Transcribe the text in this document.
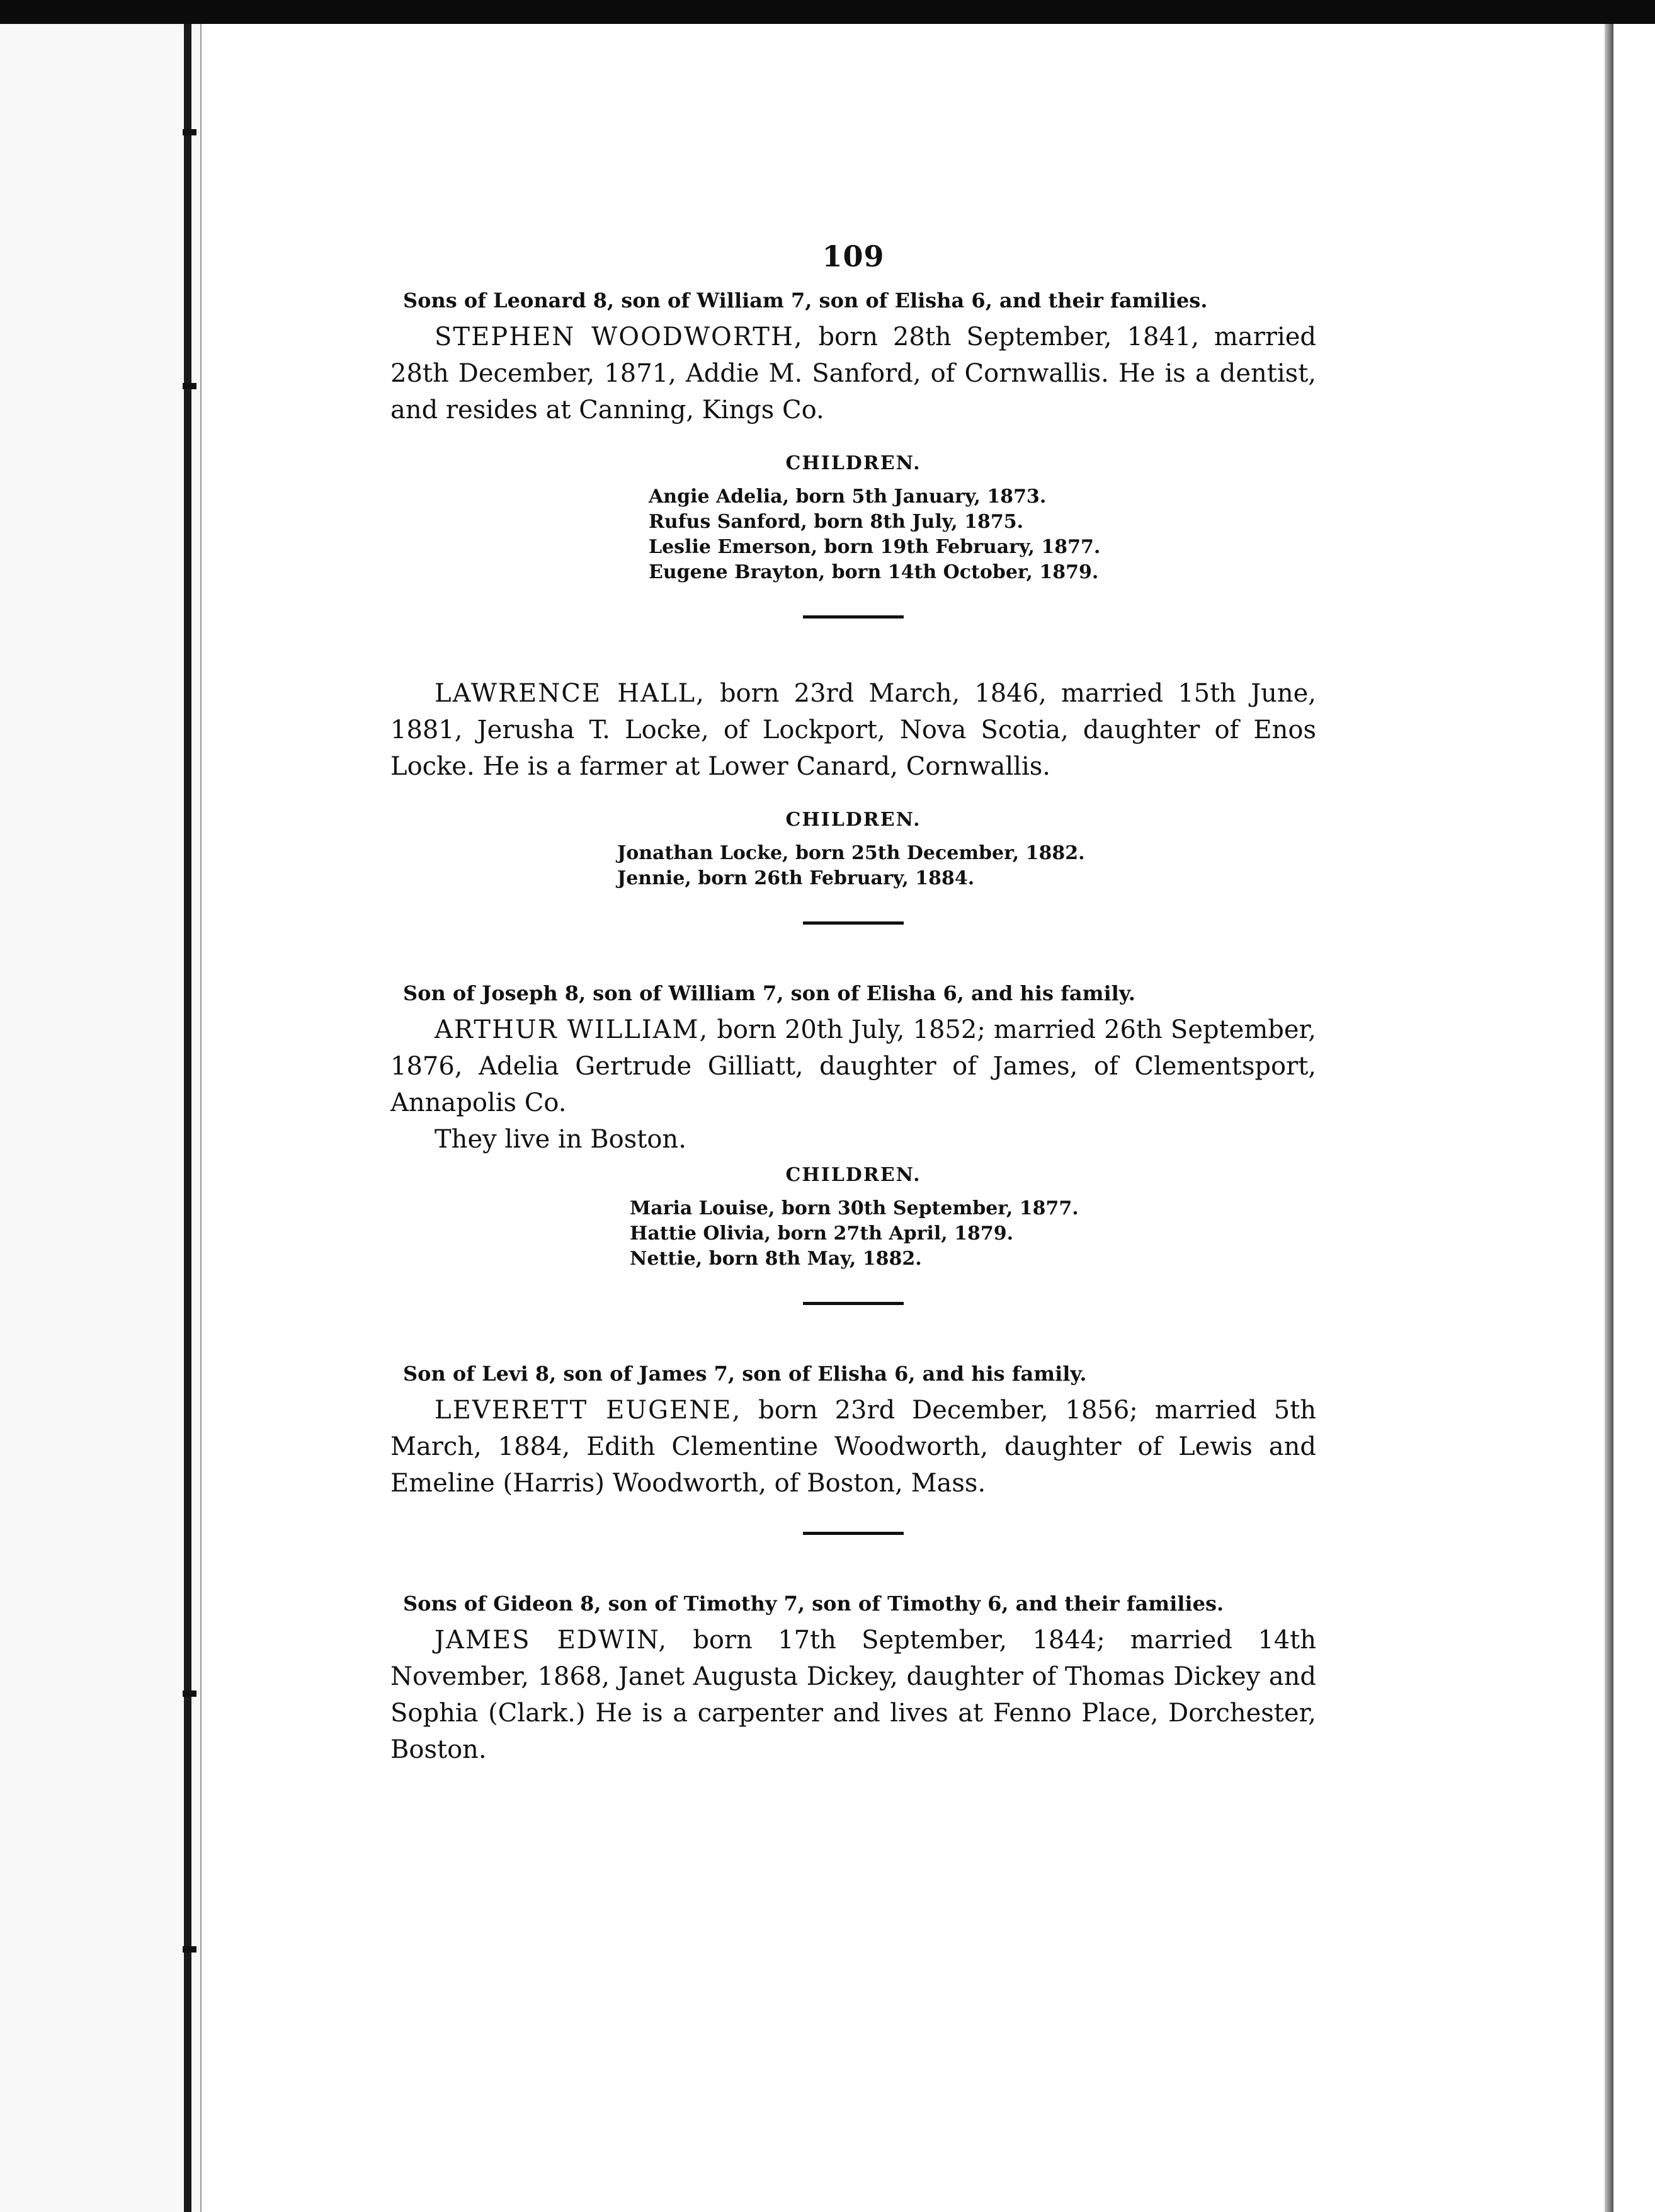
109
Sons of Leonard 8, son of William 7, son of Elisha 6, and their families.

STEPHEN WOODWORTH, born 28th September, 1841, married 28th December, 1871, Addie M. Sanford, of Cornwallis. He is a dentist, and resides at Canning, Kings Co.

CHILDREN.
Angie Adelia, born 5th January, 1873.
Rufus Sanford, born 8th July, 1875.
Leslie Emerson, born 19th February, 1877.
Eugene Brayton, born 14th October, 1879.

LAWRENCE HALL, born 23rd March, 1846, married 15th June, 1881, Jerusha T. Locke, of Lockport, Nova Scotia, daughter of Enos Locke. He is a farmer at Lower Canard, Cornwallis.

CHILDREN.
Jonathan Locke, born 25th December, 1882.
Jennie, born 26th February, 1884.
Son of Joseph 8, son of William 7, son of Elisha 6, and his family.

ARTHUR WILLIAM, born 20th July, 1852; married 26th September, 1876, Adelia Gertrude Gilliatt, daughter of James, of Clementsport, Annapolis Co.

They live in Boston.

CHILDREN.
Maria Louise, born 30th September, 1877.
Hattie Olivia, born 27th April, 1879.
Nettie, born 8th May, 1882.
Son of Levi 8, son of James 7, son of Elisha 6, and his family.

LEVERETT EUGENE, born 23rd December, 1856; married 5th March, 1884, Edith Clementine Woodworth, daughter of Lewis and Emeline (Harris) Woodworth, of Boston, Mass.

Sons of Gideon 8, son of Timothy 7, son of Timothy 6, and their families.

JAMES EDWIN, born 17th September, 1844; married 14th November, 1868, Janet Augusta Dickey, daughter of Thomas Dickey and Sophia (Clark.) He is a carpenter and lives at Fenno Place, Dorchester, Boston.
